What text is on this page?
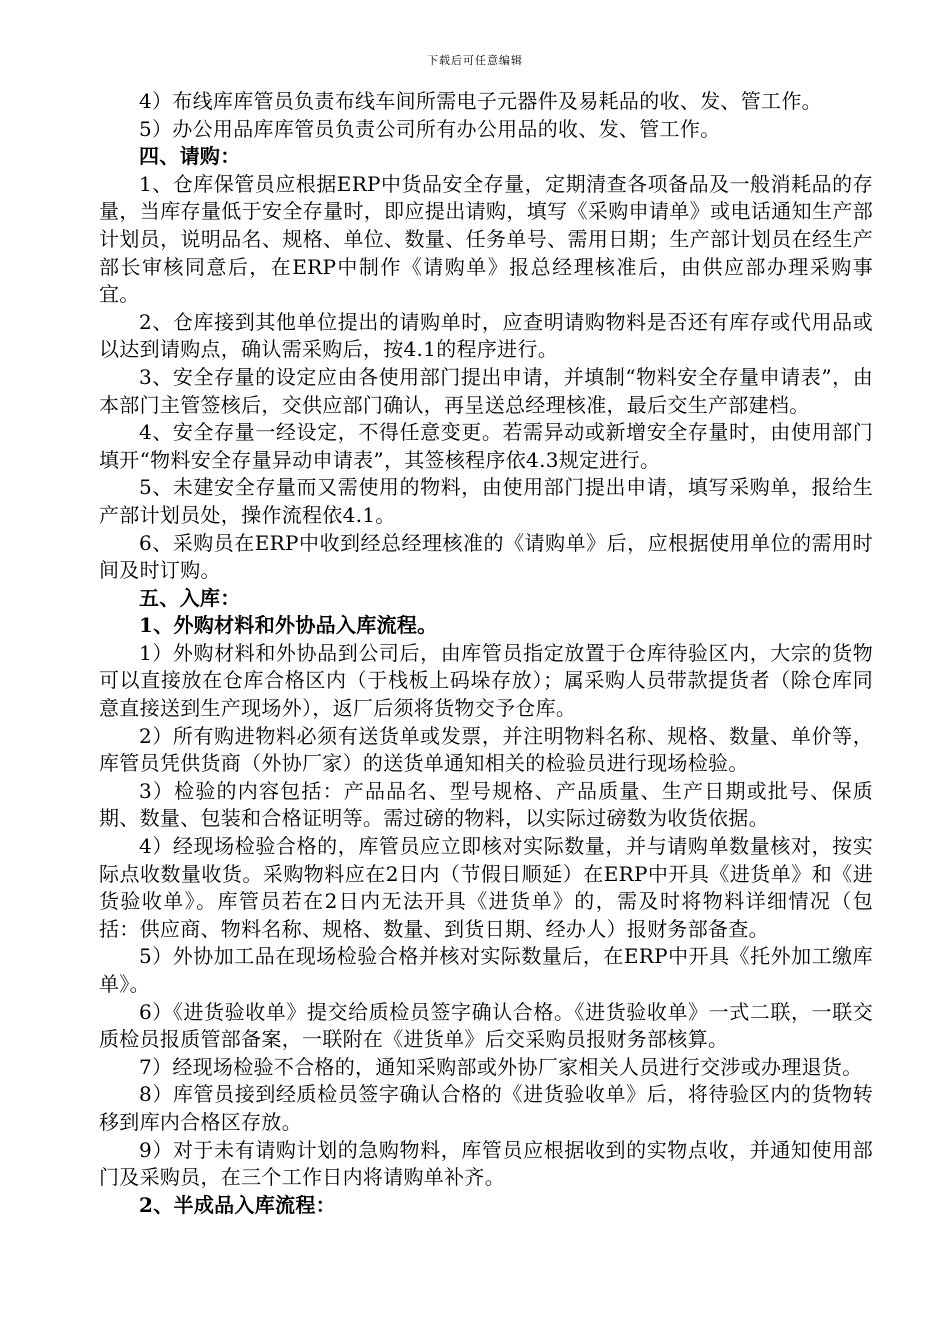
下载后可任意编辑

4）布线库库管员负责布线车间所需电子元器件及易耗品的收、发、管工作。

5）办公用品库库管员负责公司所有办公用品的收、发、管工作。

四、请购：

1、仓库保管员应根据ERP中货品安全存量，定期清查各项备品及一般消耗品的存量，当库存量低于安全存量时，即应提出请购，填写《采购申请单》或电话通知生产部计划员，说明品名、规格、单位、数量、任务单号、需用日期；生产部计划员在经生产部长审核同意后，在ERP中制作《请购单》报总经理核准后，由供应部办理采购事宜。

2、仓库接到其他单位提出的请购单时，应查明请购物料是否还有库存或代用品或以达到请购点，确认需采购后，按4.1的程序进行。

3、安全存量的设定应由各使用部门提出申请，并填制“物料安全存量申请表”，由本部门主管签核后，交供应部门确认，再呈送总经理核准，最后交生产部建档。

4、安全存量一经设定，不得任意变更。若需异动或新增安全存量时，由使用部门填开“物料安全存量异动申请表”，其签核程序依4.3规定进行。

5、未建安全存量而又需使用的物料，由使用部门提出申请，填写采购单，报给生产部计划员处，操作流程依4.1。

6、采购员在ERP中收到经总经理核准的《请购单》后，应根据使用单位的需用时间及时订购。

五、入库：

1、外购材料和外协品入库流程。

1）外购材料和外协品到公司后，由库管员指定放置于仓库待验区内，大宗的货物可以直接放在仓库合格区内（于栈板上码垛存放）；属采购人员带款提货者（除仓库同意直接送到生产现场外），返厂后须将货物交予仓库。

2）所有购进物料必须有送货单或发票，并注明物料名称、规格、数量、单价等，库管员凭供货商（外协厂家）的送货单通知相关的检验员进行现场检验。

3）检验的内容包括：产品品名、型号规格、产品质量、生产日期或批号、保质期、数量、包装和合格证明等。需过磅的物料，以实际过磅数为收货依据。

4）经现场检验合格的，库管员应立即核对实际数量，并与请购单数量核对，按实际点收数量收货。采购物料应在2日内（节假日顺延）在ERP中开具《进货单》和《进货验收单》。库管员若在2日内无法开具《进货单》的，需及时将物料详细情况（包括：供应商、物料名称、规格、数量、到货日期、经办人）报财务部备查。

5）外协加工品在现场检验合格并核对实际数量后，在ERP中开具《托外加工缴库单》。

6）《进货验收单》提交给质检员签字确认合格。《进货验收单》一式二联，一联交质检员报质管部备案，一联附在《进货单》后交采购员报财务部核算。

7）经现场检验不合格的，通知采购部或外协厂家相关人员进行交涉或办理退货。

8）库管员接到经质检员签字确认合格的《进货验收单》后，将待验区内的货物转移到库内合格区存放。

9）对于未有请购计划的急购物料，库管员应根据收到的实物点收，并通知使用部门及采购员，在三个工作日内将请购单补齐。

2、半成品入库流程：
